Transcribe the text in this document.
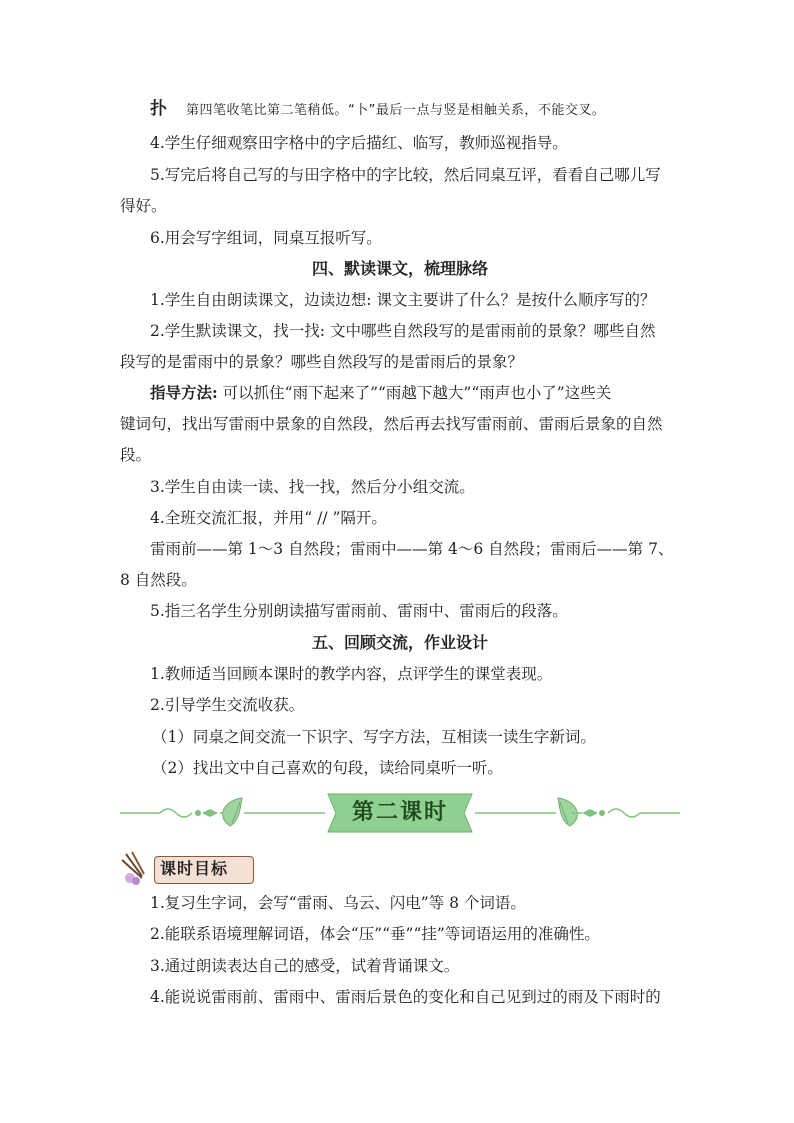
扑 第四笔收笔比第二笔稍低。“卜”最后一点与竖是相触关系，不能交叉。
4.学生仔细观察田字格中的字后描红、临写，教师巡视指导。
5.写完后将自己写的与田字格中的字比较，然后同桌互评，看看自己哪儿写
得好。
6.用会写字组词，同桌互报听写。
四、默读课文，梳理脉络
1.学生自由朗读课文，边读边想: 课文主要讲了什么？是按什么顺序写的？
2.学生默读课文，找一找: 文中哪些自然段写的是雷雨前的景象？哪些自然
段写的是雷雨中的景象？哪些自然段写的是雷雨后的景象？
指导方法: 可以抓住“雨下起来了”“雨越下越大”“雨声也小了”这些关
键词句，找出写雷雨中景象的自然段，然后再去找写雷雨前、雷雨后景象的自然
段。
3.学生自由读一读、找一找，然后分小组交流。
4.全班交流汇报，并用“ // ”隔开。
雷雨前——第 1～3 自然段；雷雨中——第 4～6 自然段；雷雨后——第 7、
8 自然段。
5.指三名学生分别朗读描写雷雨前、雷雨中、雷雨后的段落。
五、回顾交流，作业设计
1.教师适当回顾本课时的教学内容，点评学生的课堂表现。
2.引导学生交流收获。
（1）同桌之间交流一下识字、写字方法，互相读一读生字新词。
（2）找出文中自己喜欢的句段，读给同桌听一听。
第二课时
课时目标
1.复习生字词，会写“雷雨、乌云、闪电”等 8 个词语。
2.能联系语境理解词语，体会“压”“垂”“挂”等词语运用的准确性。
3.通过朗读表达自己的感受，试着背诵课文。
4.能说说雷雨前、雷雨中、雷雨后景色的变化和自己见到过的雨及下雨时的
